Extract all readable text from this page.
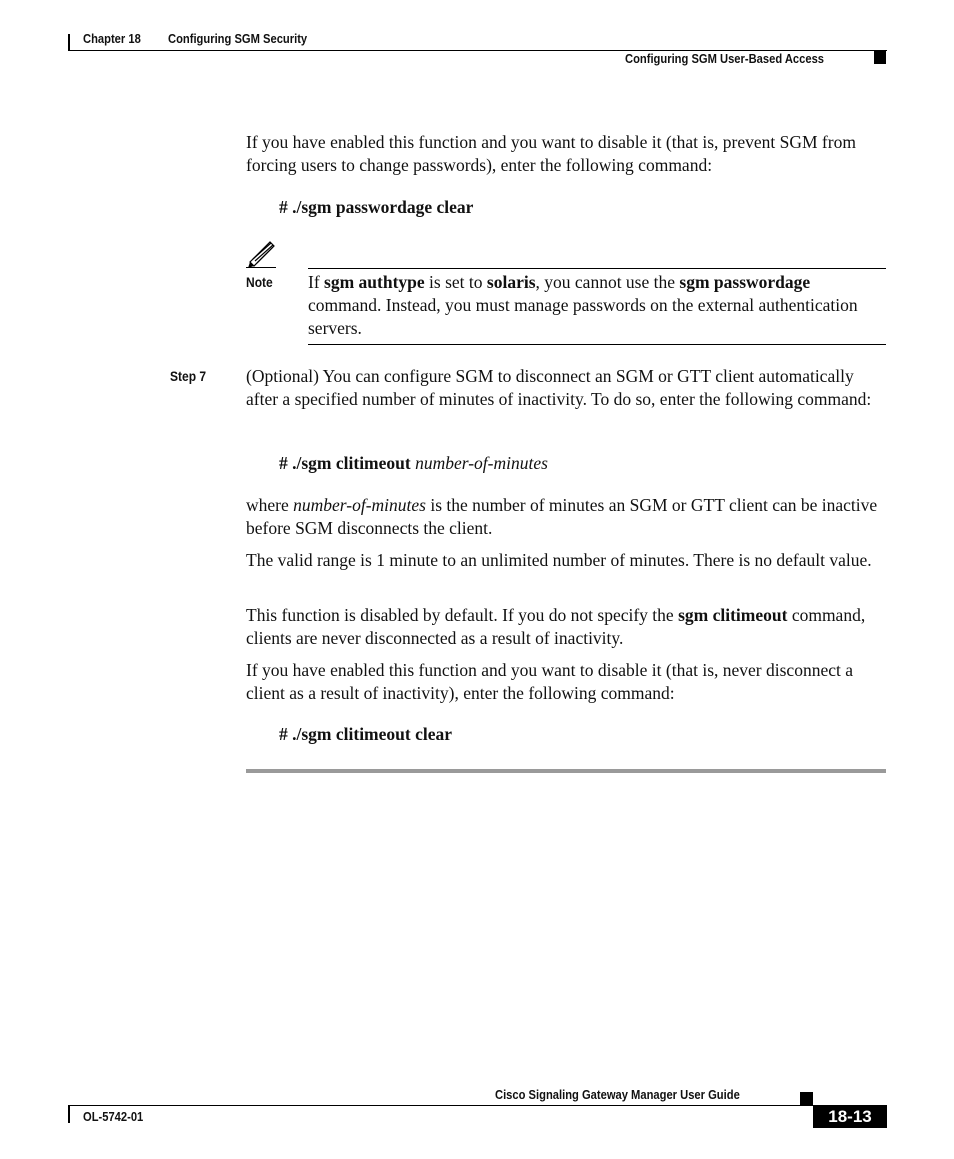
Chapter 18 Configuring SGM Security
Configuring SGM User-Based Access
If you have enabled this function and you want to disable it (that is, prevent SGM from forcing users to change passwords), enter the following command:
# ./sgm passwordage clear
Note If sgm authtype is set to solaris, you cannot use the sgm passwordage command. Instead, you must manage passwords on the external authentication servers.
Step 7 (Optional) You can configure SGM to disconnect an SGM or GTT client automatically after a specified number of minutes of inactivity. To do so, enter the following command:
# ./sgm clitimeout number-of-minutes
where number-of-minutes is the number of minutes an SGM or GTT client can be inactive before SGM disconnects the client.
The valid range is 1 minute to an unlimited number of minutes. There is no default value.
This function is disabled by default. If you do not specify the sgm clitimeout command, clients are never disconnected as a result of inactivity.
If you have enabled this function and you want to disable it (that is, never disconnect a client as a result of inactivity), enter the following command:
# ./sgm clitimeout clear
Cisco Signaling Gateway Manager User Guide
OL-5742-01	18-13
